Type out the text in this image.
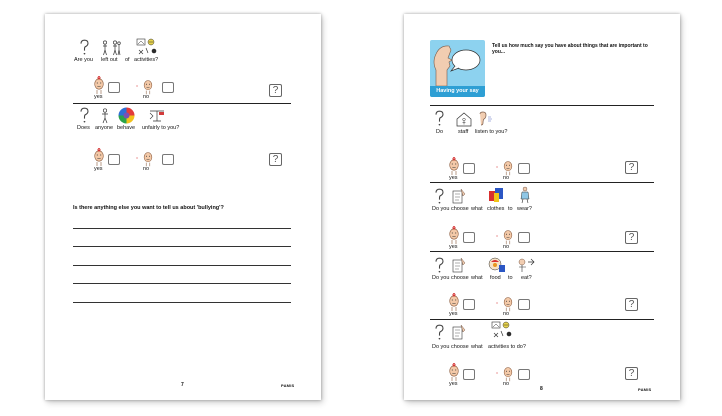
Are you left out of activities?
yes	no
?
Does anyone behave unfairly to you?
yes	no
?
Is there anything else you want to tell us about 'bullying'?
7	PAMIS
Having your say
Tell us how much say you have about things that are important to you...
Do	staff listen to you?
yes	no
?
Do you choose what clothes to wear?
yes	no
?
Do you choose what food to eat?
yes	no
?
Do you choose what activities to do?
yes	no
?
8	PAMIS
